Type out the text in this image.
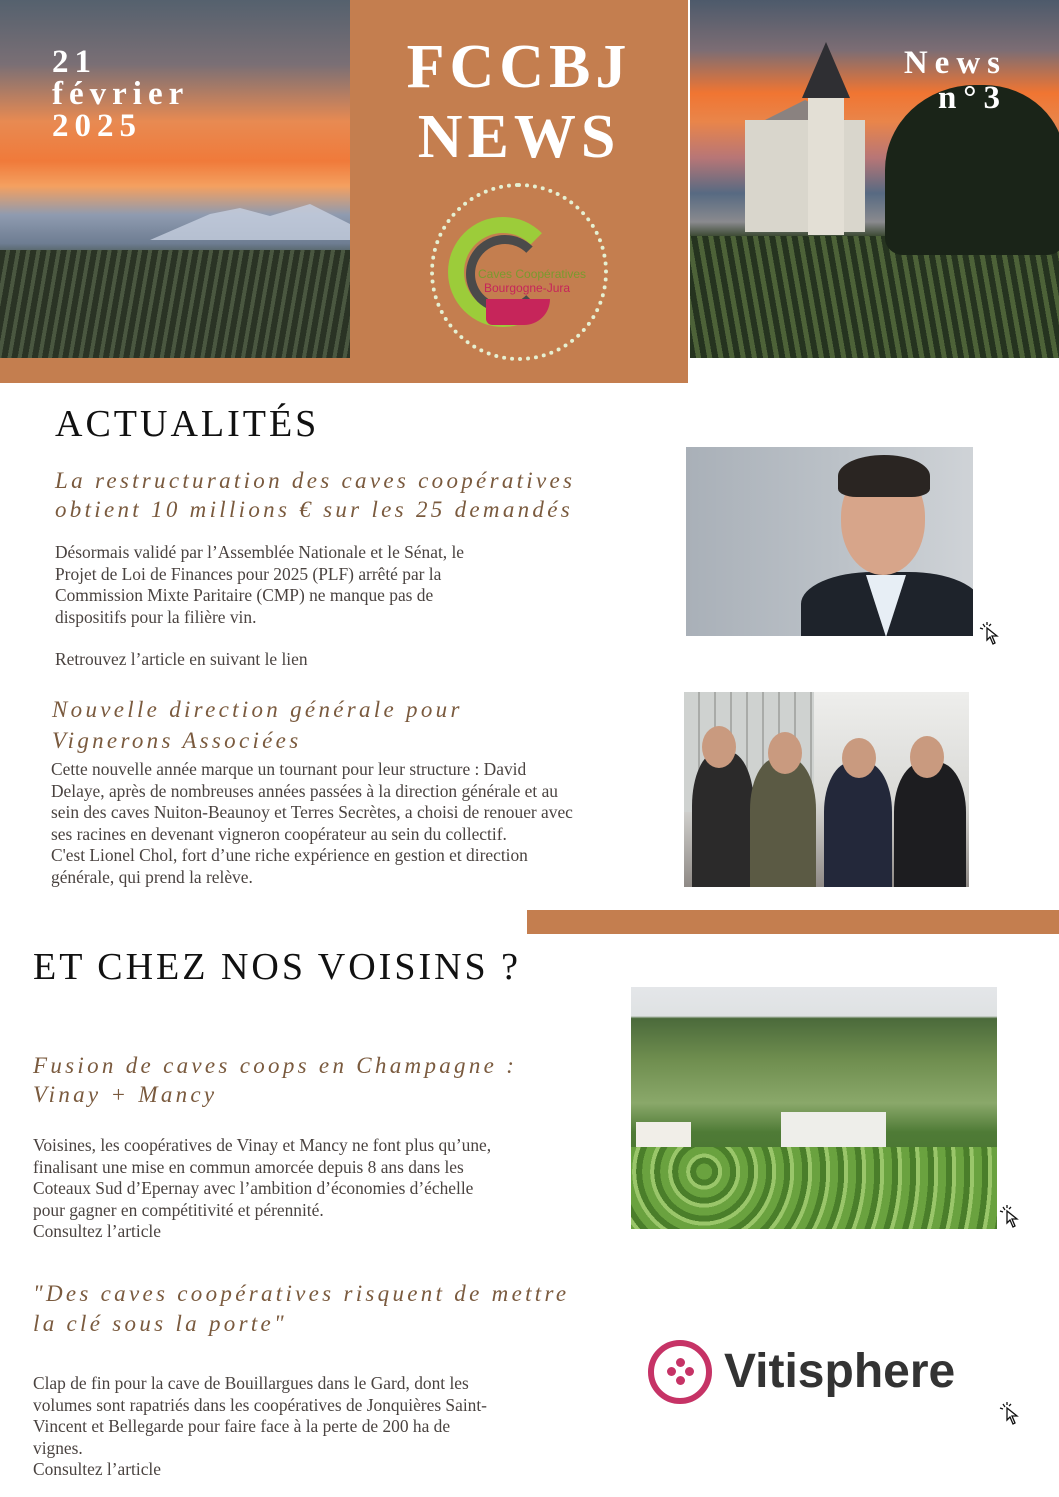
FCCBJ
NEWS
21
février
2025
News
n°3
Caves Coopératives
Bourgogne-Jura
ACTUALITÉS
La restructuration des caves coopératives
obtient 10 millions € sur les 25 demandés
Désormais validé par l’Assemblée Nationale et le Sénat, le
Projet de Loi de Finances pour 2025 (PLF) arrêté par la
Commission Mixte Paritaire (CMP) ne manque pas de
dispositifs pour la filière vin.
Retrouvez l’article en suivant le lien
Nouvelle direction générale pour
Vignerons Associées
Cette nouvelle année marque un tournant pour leur structure : David
Delaye, après de nombreuses années passées à la direction générale et au
sein des caves Nuiton-Beaunoy et Terres Secrètes, a choisi de renouer avec
ses racines en devenant vigneron coopérateur au sein du collectif.
C'est Lionel Chol, fort d’une riche expérience en gestion et direction
générale, qui prend la relève.
ET CHEZ NOS VOISINS ?
Fusion de caves coops en Champagne :
Vinay + Mancy
Voisines, les coopératives de Vinay et Mancy ne font plus qu’une,
finalisant une mise en commun amorcée depuis 8 ans dans les
Coteaux Sud d’Epernay avec l’ambition d’économies d’échelle
pour gagner en compétitivité et pérennité.
Consultez l’article
"Des caves coopératives risquent de mettre
la clé sous la porte"
Clap de fin pour la cave de Bouillargues dans le Gard, dont les
volumes sont rapatriés dans les coopératives de Jonquières Saint-
Vincent et Bellegarde pour faire face à la perte de 200 ha de
vignes.
Consultez l’article
Vitisphere
